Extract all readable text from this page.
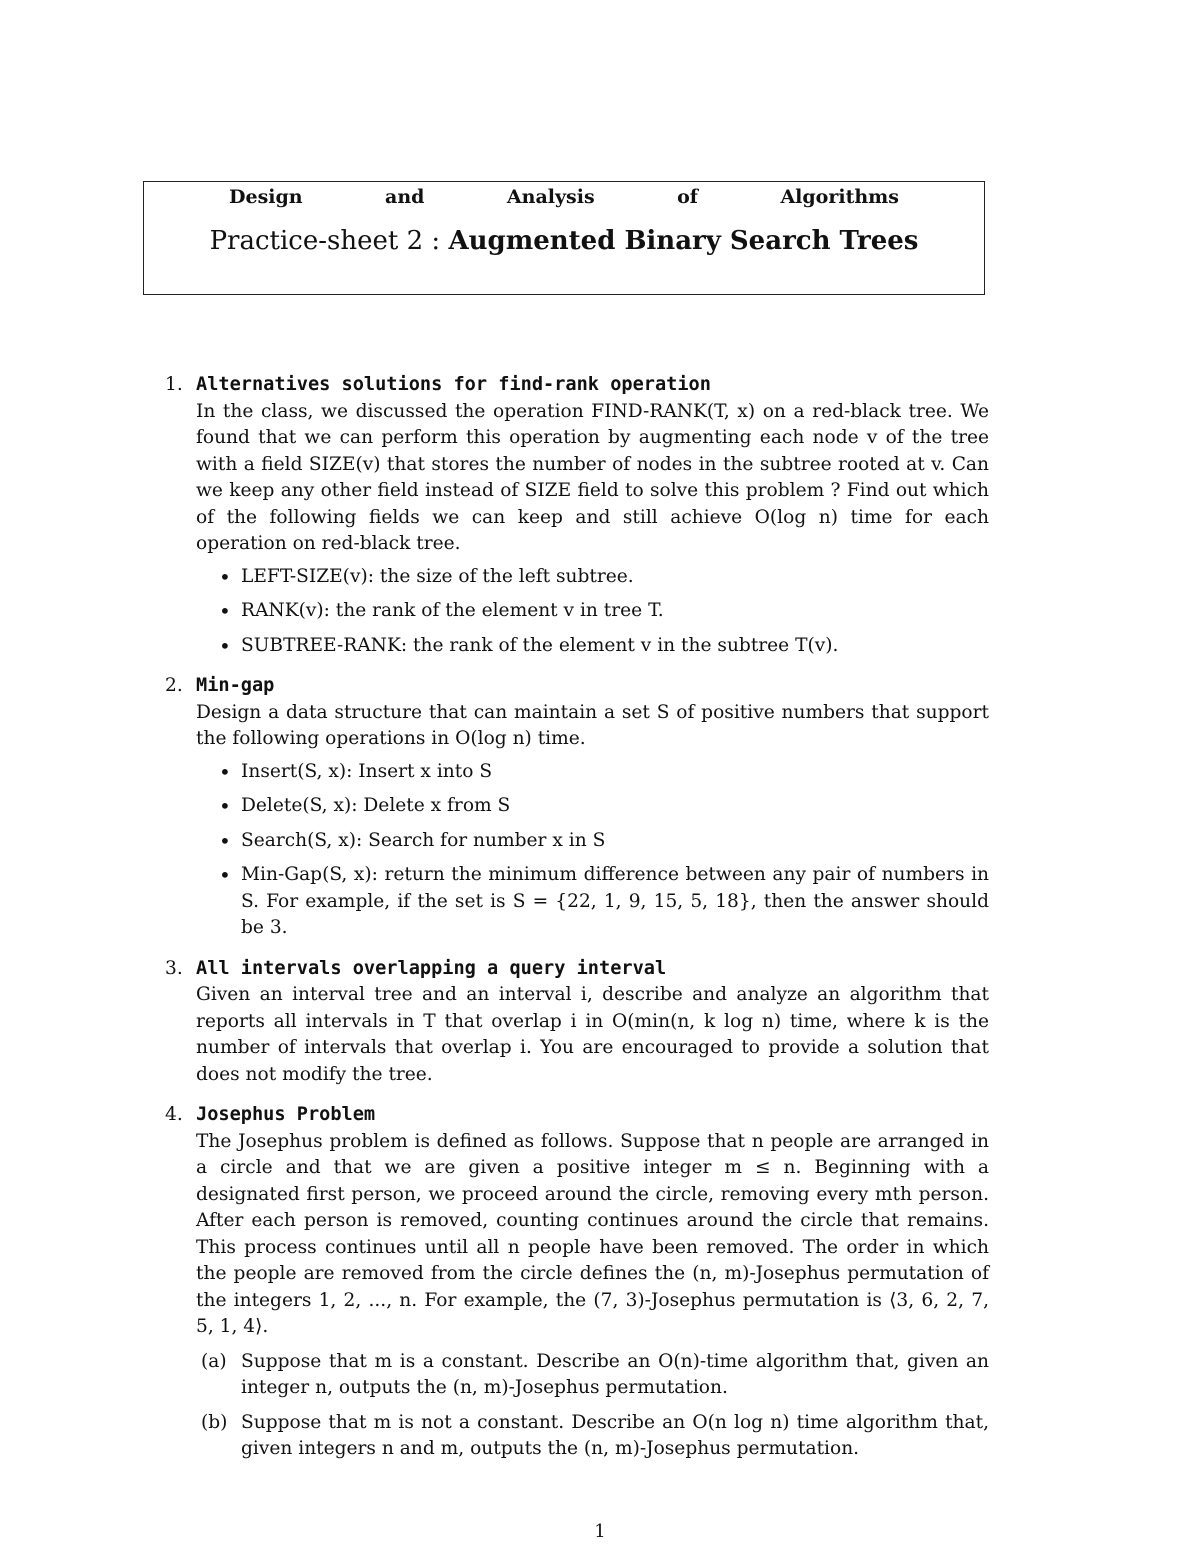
Design	and	Analysis	of	Algorithms
Practice-sheet 2 : Augmented Binary Search Trees
1. Alternatives solutions for find-rank operation
In the class, we discussed the operation FIND-RANK(T, x) on a red-black tree. We found that we can perform this operation by augmenting each node v of the tree with a field SIZE(v) that stores the number of nodes in the subtree rooted at v. Can we keep any other field instead of SIZE field to solve this problem ? Find out which of the following fields we can keep and still achieve O(log n) time for each operation on red-black tree.
• LEFT-SIZE(v): the size of the left subtree.
• RANK(v): the rank of the element v in tree T.
• SUBTREE-RANK: the rank of the element v in the subtree T(v).
2. Min-gap
Design a data structure that can maintain a set S of positive numbers that support the following operations in O(log n) time.
• Insert(S, x): Insert x into S
• Delete(S, x): Delete x from S
• Search(S, x): Search for number x in S
• Min-Gap(S, x): return the minimum difference between any pair of numbers in S. For example, if the set is S = {22, 1, 9, 15, 5, 18}, then the answer should be 3.
3. All intervals overlapping a query interval
Given an interval tree and an interval i, describe and analyze an algorithm that reports all intervals in T that overlap i in O(min(n, k log n) time, where k is the number of intervals that overlap i. You are encouraged to provide a solution that does not modify the tree.
4. Josephus Problem
The Josephus problem is defined as follows. Suppose that n people are arranged in a circle and that we are given a positive integer m ≤ n. Beginning with a designated first person, we proceed around the circle, removing every mth person. After each person is removed, counting continues around the circle that remains. This process continues until all n people have been removed. The order in which the people are removed from the circle defines the (n, m)-Josephus permutation of the integers 1, 2, ..., n. For example, the (7, 3)-Josephus permutation is ⟨3, 6, 2, 7, 5, 1, 4⟩.
(a) Suppose that m is a constant. Describe an O(n)-time algorithm that, given an integer n, outputs the (n, m)-Josephus permutation.
(b) Suppose that m is not a constant. Describe an O(n log n) time algorithm that, given integers n and m, outputs the (n, m)-Josephus permutation.
1
